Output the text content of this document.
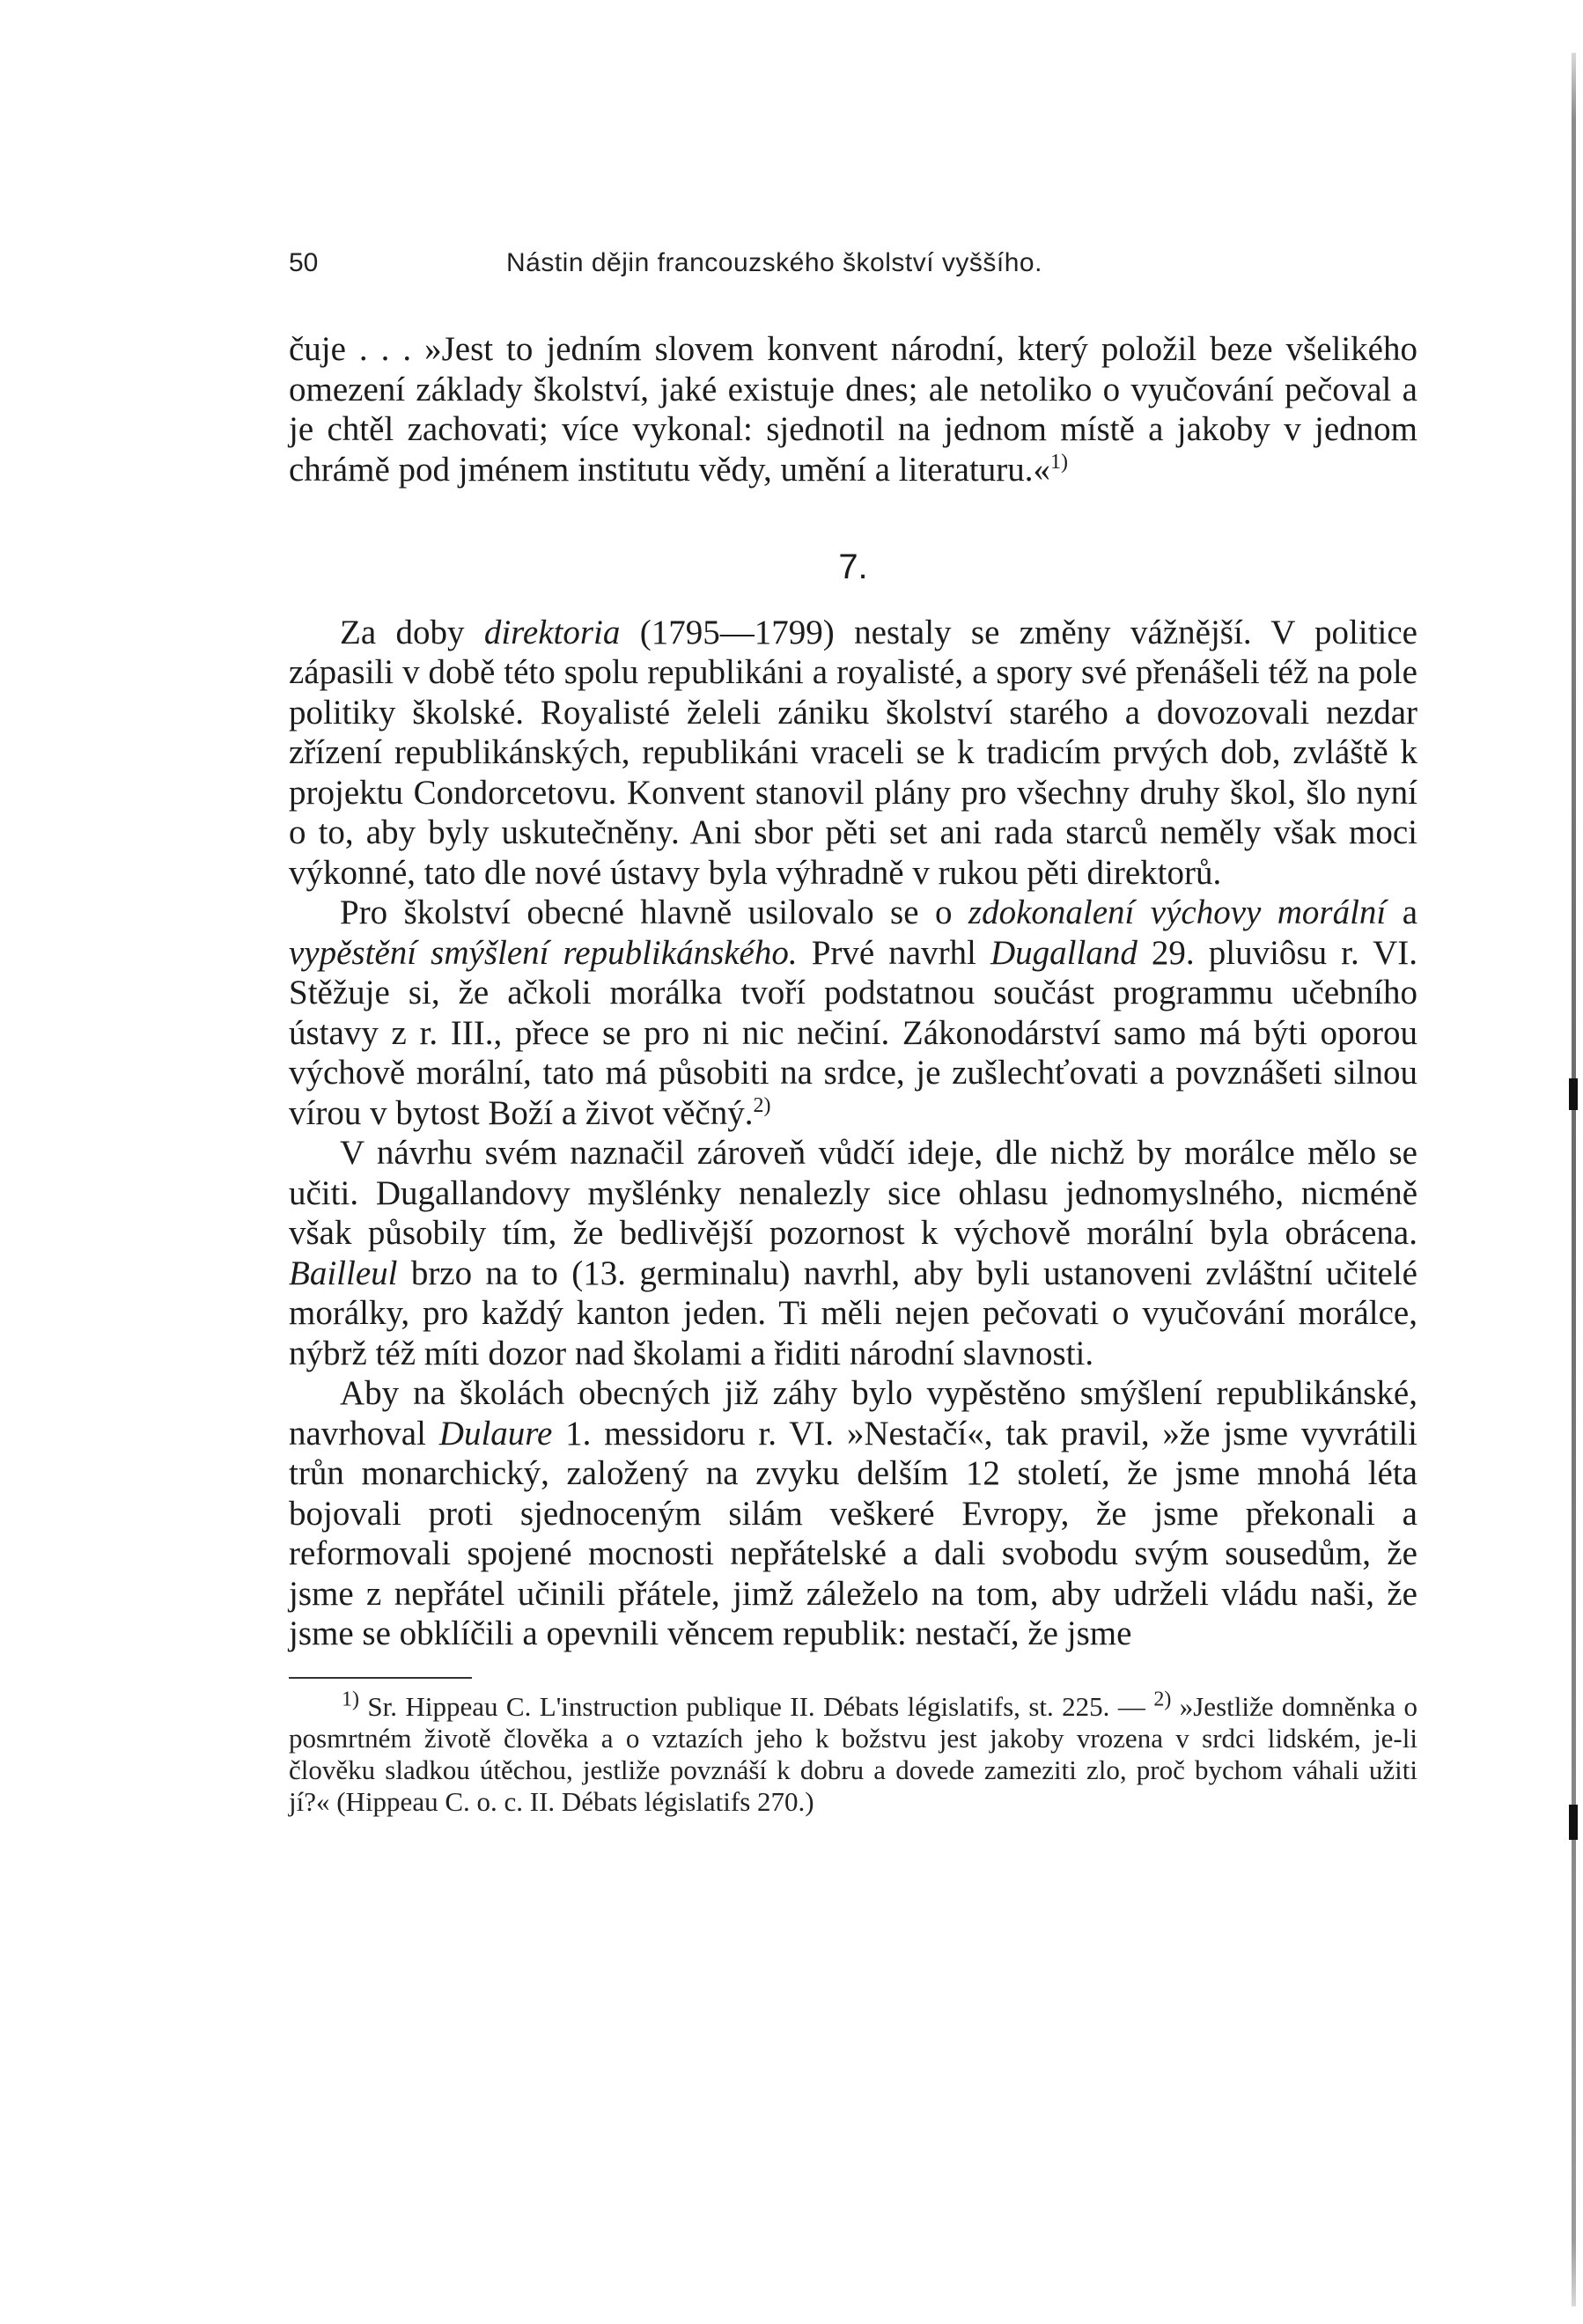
50	Nástin dějin francouzského školství vyššího.

čuje . . . »Jest to jedním slovem konvent národní, který položil beze všelikého omezení základy školství, jaké existuje dnes; ale netoliko o vyučování pečoval a je chtěl zachovati; více vykonal: sjednotil na jednom místě a jakoby v jednom chrámě pod jménem institutu vědy, umění a literaturu.«$^{1)}$

7.

Za doby direktoria (1795—1799) nestaly se změny vážnější. V politice zápasili v době této spolu republikáni a royalisté, a spory své přenášeli též na pole politiky školské. Royalisté želeli zániku školství starého a dovozovali nezdar zřízení republikánských, republikáni vraceli se k tradicím prvých dob, zvláště k projektu Condorcetovu. Konvent stanovil plány pro všechny druhy škol, šlo nyní o to, aby byly uskutečněny. Ani sbor pěti set ani rada starců neměly však moci výkonné, tato dle nové ústavy byla výhradně v rukou pěti direktorů.

Pro školství obecné hlavně usilovalo se o zdokonalení výchovy morální a vypěstění smýšlení republikánského. Prvé navrhl Dugalland 29. pluviôsu r. VI. Stěžuje si, že ačkoli morálka tvoří podstatnou součást programmu učebního ústavy z r. III., přece se pro ni nic nečiní. Zákonodárství samo má býti oporou výchově morální, tato má působiti na srdce, je zušlechťovati a povznášeti silnou vírou v bytost Boží a život věčný.$^{2)}$

V návrhu svém naznačil zároveň vůdčí ideje, dle nichž by morálce mělo se učiti. Dugallandovy myšlénky nenalezly sice ohlasu jednomyslného, nicméně však působily tím, že bedlivější pozornost k výchově morální byla obrácena. Bailleul brzo na to (13. germinalu) navrhl, aby byli ustanoveni zvláštní učitelé morálky, pro každý kanton jeden. Ti měli nejen pečovati o vyučování morálce, nýbrž též míti dozor nad školami a řiditi národní slavnosti.

Aby na školách obecných již záhy bylo vypěstěno smýšlení republikánské, navrhoval Dulaure 1. messidoru r. VI. »Nestačí«, tak pravil, »že jsme vyvrátili trůn monarchický, založený na zvyku delším 12 století, že jsme mnohá léta bojovali proti sjednoceným silám veškeré Evropy, že jsme překonali a reformovali spojené mocnosti nepřátelské a dali svobodu svým sousedům, že jsme z nepřátel učinili přátele, jimž záleželo na tom, aby udrželi vládu naši, že jsme se obklíčili a opevnili věncem republik: nestačí, že jsme

$^{1)}$ Sr. Hippeau C. L'instruction publique II. Débats législatifs, st. 225. — $^{2)}$ »Jestliže domněnka o posmrtném životě člověka a o vztazích jeho k božstvu jest jakoby vrozena v srdci lidském, je-li člověku sladkou útěchou, jestliže povznáší k dobru a dovede zameziti zlo, proč bychom váhali užiti jí?« (Hippeau C. o. c. II. Débats législatifs 270.)
